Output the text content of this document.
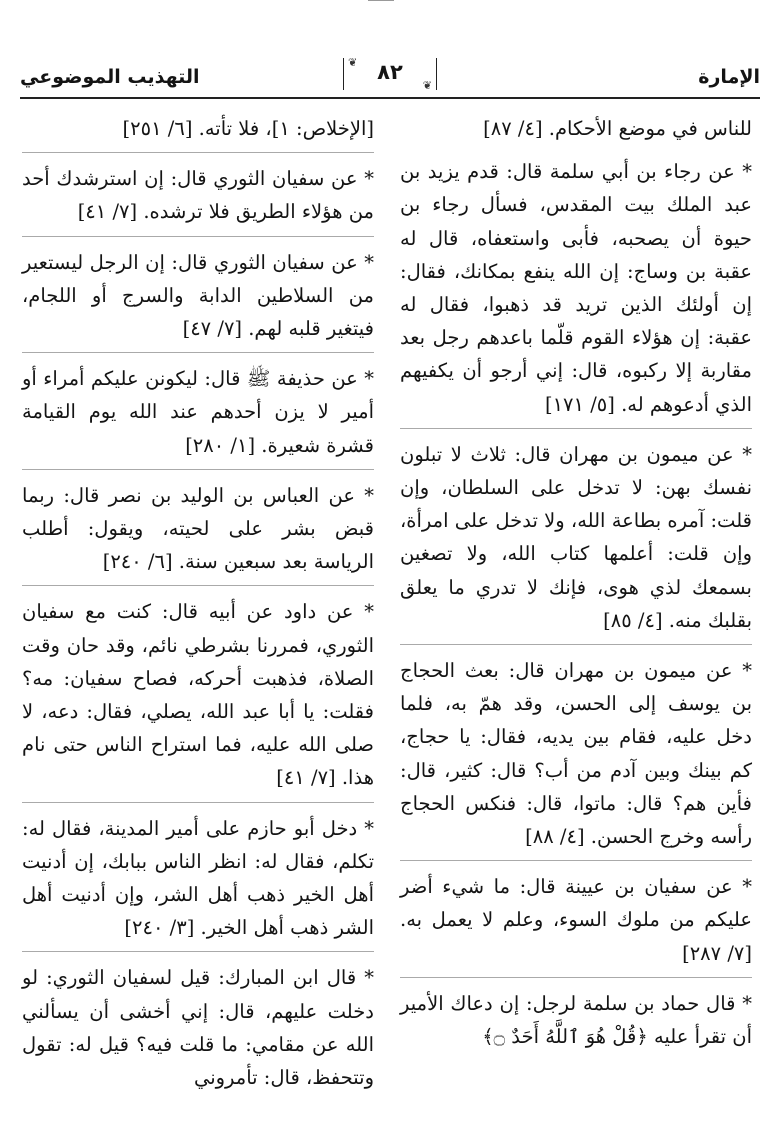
الإمارة
❦ ٨٢
❦
التهذيب الموضوعي

للناس في موضع الأحكام. [٤/ ٨٧]

* عن رجاء بن أبي سلمة قال: قدم يزيد بن عبد الملك بيت المقدس، فسأل رجاء بن حيوة أن يصحبه، فأبى واستعفاه، قال له عقبة بن وساج: إن الله ينفع بمكانك، فقال: إن أولئك الذين تريد قد ذهبوا، فقال له عقبة: إن هؤلاء القوم قلّما باعدهم رجل بعد مقاربة إلا ركبوه، قال: إني أرجو أن يكفيهم الذي أدعوهم له. [٥/ ١٧١]

* عن ميمون بن مهران قال: ثلاث لا تبلون نفسك بهن: لا تدخل على السلطان، وإن قلت: آمره بطاعة الله، ولا تدخل على امرأة، وإن قلت: أعلمها كتاب الله، ولا تصغين بسمعك لذي هوى، فإنك لا تدري ما يعلق بقلبك منه. [٤/ ٨٥]

* عن ميمون بن مهران قال: بعث الحجاج بن يوسف إلى الحسن، وقد همّ به، فلما دخل عليه، فقام بين يديه، فقال: يا حجاج، كم بينك وبين آدم من أب؟ قال: كثير، قال: فأين هم؟ قال: ماتوا، قال: فنكس الحجاج رأسه وخرج الحسن. [٤/ ٨٨]

* عن سفيان بن عيينة قال: ما شيء أضر عليكم من ملوك السوء، وعلم لا يعمل به. [٧/ ٢٨٧]

* قال حماد بن سلمة لرجل: إن دعاك الأمير أن تقرأ عليه ﴿قُلْ هُوَ ٱللَّهُ أَحَدٌ ۝﴾

[الإخلاص: ١]، فلا تأته. [٦/ ٢٥١]

* عن سفيان الثوري قال: إن استرشدك أحد من هؤلاء الطريق فلا ترشده. [٧/ ٤١]

* عن سفيان الثوري قال: إن الرجل ليستعير من السلاطين الدابة والسرج أو اللجام، فيتغير قلبه لهم. [٧/ ٤٧]

* عن حذيفة ﷺ قال: ليكونن عليكم أمراء أو أمير لا يزن أحدهم عند الله يوم القيامة قشرة شعيرة. [١/ ٢٨٠]

* عن العباس بن الوليد بن نصر قال: ربما قبض بشر على لحيته، ويقول: أطلب الرياسة بعد سبعين سنة. [٦/ ٢٤٠]

* عن داود عن أبيه قال: كنت مع سفيان الثوري، فمررنا بشرطي نائم، وقد حان وقت الصلاة، فذهبت أحركه، فصاح سفيان: مه؟ فقلت: يا أبا عبد الله، يصلي، فقال: دعه، لا صلى الله عليه، فما استراح الناس حتى نام هذا. [٧/ ٤١]

* دخل أبو حازم على أمير المدينة، فقال له: تكلم، فقال له: انظر الناس ببابك، إن أدنيت أهل الخير ذهب أهل الشر، وإن أدنيت أهل الشر ذهب أهل الخير. [٣/ ٢٤٠]

* قال ابن المبارك: قيل لسفيان الثوري: لو دخلت عليهم، قال: إني أخشى أن يسألني الله عن مقامي: ما قلت فيه؟ قيل له: تقول وتتحفظ، قال: تأمروني
